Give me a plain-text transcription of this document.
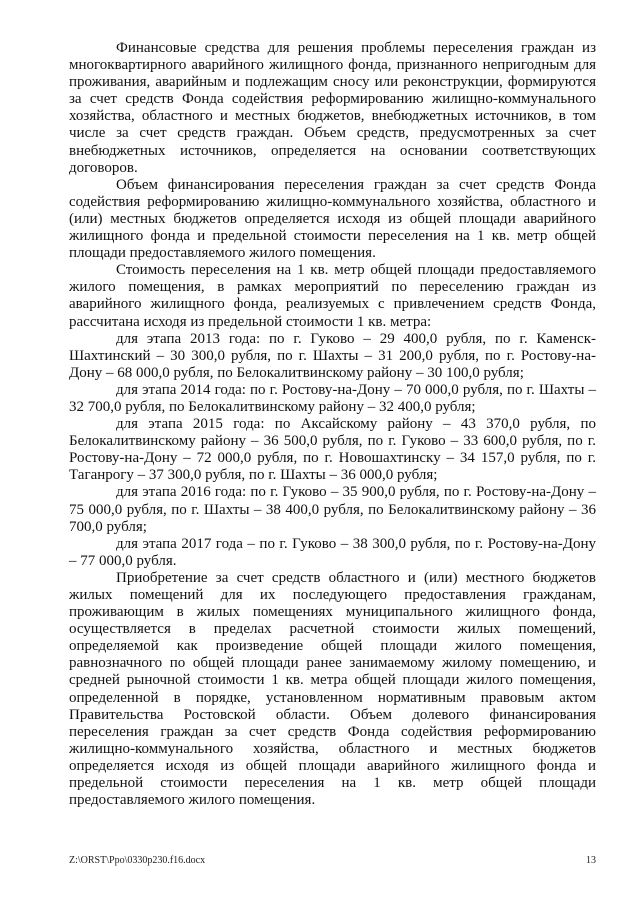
Финансовые средства для решения проблемы переселения граждан из многоквартирного аварийного жилищного фонда, признанного непригодным для проживания, аварийным и подлежащим сносу или реконструкции, формируются за счет средств Фонда содействия реформированию жилищно-коммунального хозяйства, областного и местных бюджетов, внебюджетных источников, в том числе за счет средств граждан. Объем средств, предусмотренных за счет внебюджетных источников, определяется на основании соответствующих договоров.

Объем финансирования переселения граждан за счет средств Фонда содействия реформированию жилищно-коммунального хозяйства, областного и (или) местных бюджетов определяется исходя из общей площади аварийного жилищного фонда и предельной стоимости переселения на 1 кв. метр общей площади предоставляемого жилого помещения.

Стоимость переселения на 1 кв. метр общей площади предоставляемого жилого помещения, в рамках мероприятий по переселению граждан из аварийного жилищного фонда, реализуемых с привлечением средств Фонда, рассчитана исходя из предельной стоимости 1 кв. метра:

для этапа 2013 года: по г. Гуково – 29 400,0 рубля, по г. Каменск-Шахтинский – 30 300,0 рубля, по г. Шахты – 31 200,0 рубля, по г. Ростову-на-Дону – 68 000,0 рубля, по Белокалитвинскому району – 30 100,0 рубля;

для этапа 2014 года: по г. Ростову-на-Дону – 70 000,0 рубля, по г. Шахты – 32 700,0 рубля, по Белокалитвинскому району – 32 400,0 рубля;

для этапа 2015 года: по Аксайскому району – 43 370,0 рубля, по Белокалитвинскому району – 36 500,0 рубля, по г. Гуково – 33 600,0 рубля, по г. Ростову-на-Дону – 72 000,0 рубля, по г. Новошахтинску – 34 157,0 рубля, по г. Таганрогу – 37 300,0 рубля, по г. Шахты – 36 000,0 рубля;

для этапа 2016 года: по г. Гуково – 35 900,0 рубля, по г. Ростову-на-Дону – 75 000,0 рубля, по г. Шахты – 38 400,0 рубля, по Белокалитвинскому району – 36 700,0 рубля;

для этапа 2017 года – по г. Гуково – 38 300,0 рубля, по г. Ростову-на-Дону – 77 000,0 рубля.

Приобретение за счет средств областного и (или) местного бюджетов жилых помещений для их последующего предоставления гражданам, проживающим в жилых помещениях муниципального жилищного фонда, осуществляется в пределах расчетной стоимости жилых помещений, определяемой как произведение общей площади жилого помещения, равнозначного по общей площади ранее занимаемому жилому помещению, и средней рыночной стоимости 1 кв. метра общей площади жилого помещения, определенной в порядке, установленном нормативным правовым актом Правительства Ростовской области. Объем долевого финансирования переселения граждан за счет средств Фонда содействия реформированию жилищно-коммунального хозяйства, областного и местных бюджетов определяется исходя из общей площади аварийного жилищного фонда и предельной стоимости переселения на 1 кв. метр общей площади предоставляемого жилого помещения.

Z:\ORST\Ppo\0330p230.f16.docx	13
